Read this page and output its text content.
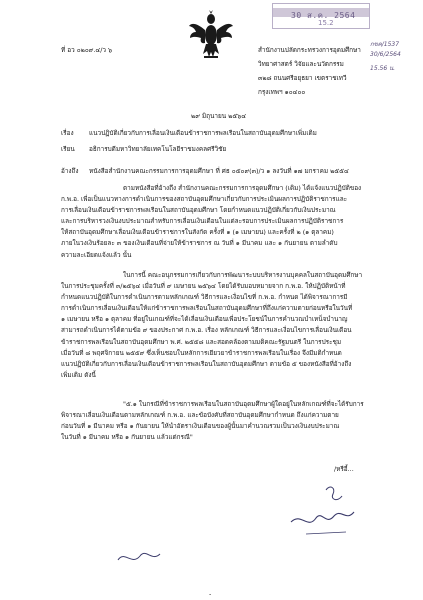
30 ส.ค. 2564
15.2
กขค/1537
30/6/2564
15.56 น.
ที่ อว ๐๒๐๙.๔/ว ๖	สำนักงานปลัดกระทรวงการอุดมศึกษา
วิทยาศาสตร์ วิจัยและนวัตกรรม
๓๒๘ ถนนศรีอยุธยา เขตราชเทวี
กรุงเทพฯ ๑๐๔๐๐
๒๙ มิถุนายน ๒๕๖๔
เรื่อง แนวปฏิบัติเกี่ยวกับการเลื่อนเงินเดือนข้าราชการพลเรือนในสถาบันอุดมศึกษาเพิ่มเติม
เรียน อธิการบดีมหาวิทยาลัยเทคโนโลยีราชมงคลศรีวิชัย
อ้างถึง หนังสือสำนักงานคณะกรรมการการอุดมศึกษา ที่ ศธ ๐๕๐๙(๓)/ว ๑ ลงวันที่ ๑๗ มกราคม ๒๕๕๔
ตามหนังสือที่อ้างถึง สำนักงานคณะกรรมการการอุดมศึกษา (เดิม) ได้แจ้งแนวปฏิบัติของ
ก.พ.อ. เพื่อเป็นแนวทางการดำเนินการของสถาบันอุดมศึกษาเกี่ยวกับการประเมินผลการปฏิบัติราชการและ
การเลื่อนเงินเดือนข้าราชการพลเรือนในสถาบันอุดมศึกษา โดยกำหนดแนวปฏิบัติเกี่ยวกับเงินประมาณ
และการบริหารวงเงินงบประมาณสำหรับการเลื่อนเงินเดือนในแต่ละรอบการประเมินผลการปฏิบัติราชการ
ให้สถาบันอุดมศึกษาเลื่อนเงินเดือนข้าราชการในสังกัด ครั้งที่ ๑ (๑ เมษายน) และครั้งที่ ๒ (๑ ตุลาคม)
ภายในวงเงินร้อยละ ๓ ของเงินเดือนที่จ่ายให้ข้าราชการ ณ วันที่ ๑ มีนาคม และ ๑ กันยายน ตามลำดับ
ความละเอียดแจ้งแล้ว นั้น
ในการนี้ คณะอนุกรรมการเกี่ยวกับการพัฒนาระบบบริหารงานบุคคลในสถาบันอุดมศึกษา
ในการประชุมครั้งที่ ๓/๒๕๖๔ เมื่อวันที่ ๙ เมษายน ๒๕๖๔ โดยได้รับมอบหมายจาก ก.พ.อ. ให้ปฏิบัติหน้าที่
กำหนดแนวปฏิบัติในการดำเนินการตามหลักเกณฑ์ วิธีการและเงื่อนไขที่ ก.พ.อ. กำหนด ได้พิจารณาการมี
การดำเนินการเลื่อนเงินเดือนให้แก่ข้าราชการพลเรือนในสถาบันอุดมศึกษาที่ถึงแก่ความตายก่อนหรือในวันที่
๑ เมษายน หรือ ๑ ตุลาคม ที่อยู่ในเกณฑ์ที่จะได้เลื่อนเงินเดือนเพื่อประโยชน์ในการคำนวณบำเหน็จบำนาญ
สามารถดำเนินการได้ตามข้อ ๙ ของประกาศ ก.พ.อ. เรื่อง หลักเกณฑ์ วิธีการและเงื่อนไขการเลื่อนเงินเดือน
ข้าราชการพลเรือนในสถาบันอุดมศึกษา พ.ศ. ๒๕๕๘ และสอดคล้องตามมติคณะรัฐมนตรี ในการประชุม
เมื่อวันที่ ๘ พฤศจิกายน ๒๕๕๙ ซึ่งเห็นชอบในหลักการเยียวยาข้าราชการพลเรือนในเรื่อง จึงมีมติกำหนด
แนวปฏิบัติเกี่ยวกับการเลื่อนเงินเดือนข้าราชการพลเรือนในสถาบันอุดมศึกษา ตามข้อ ๕ ของหนังสือที่อ้างถึง
เพิ่มเติม ดังนี้
"๕.๑ ในกรณีที่ข้าราชการพลเรือนในสถาบันอุดมศึกษาผู้ใดอยู่ในหลักเกณฑ์ที่จะได้รับการ
พิจารณาเลื่อนเงินเดือนตามหลักเกณฑ์ ก.พ.อ. และข้อบังคับที่สถาบันอุดมศึกษากำหนด ถึงแก่ความตาย
ก่อนวันที่ ๑ มีนาคม หรือ ๑ กันยายน ให้นำอัตราเงินเดือนของผู้นั้นมาคำนวณรวมเป็นวงเงินงบประมาณ
ในวันที่ ๑ มีนาคม หรือ ๑ กันยายน แล้วแต่กรณี"
/หรือี้...
-
